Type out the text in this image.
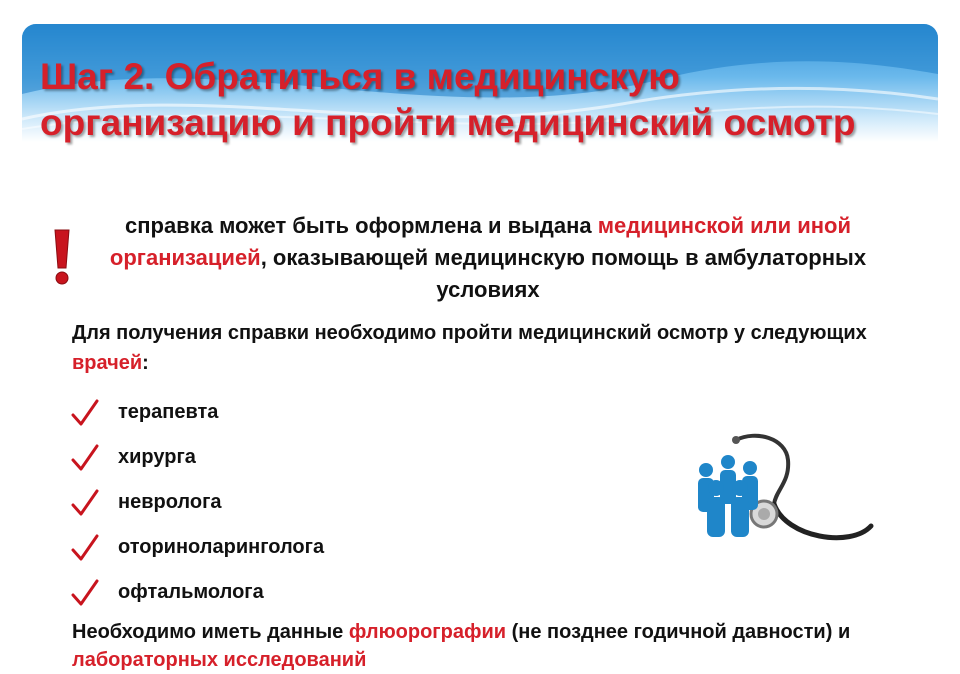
Шаг 2. Обратиться в медицинскую организацию и пройти медицинский осмотр
справка может быть оформлена и выдана медицинской или иной организацией, оказывающей медицинскую помощь в амбулаторных условиях
Для получения справки необходимо пройти медицинский осмотр у следующих врачей:
терапевта
хирурга
невролога
оториноларинголога
офтальмолога
Необходимо иметь данные флюорографии (не позднее годичной давности) и лабораторных исследований
